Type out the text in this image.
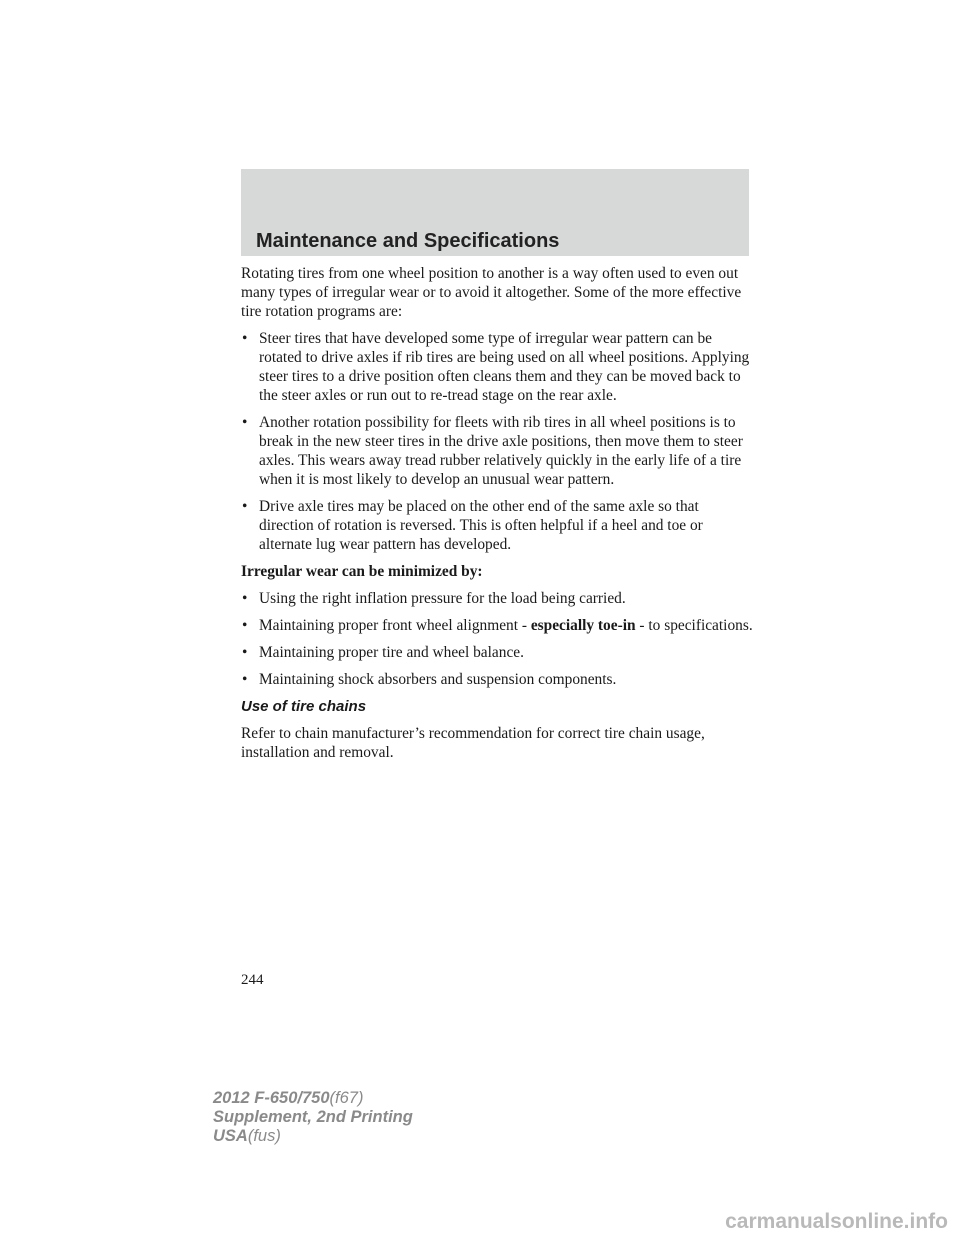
Maintenance and Specifications

Rotating tires from one wheel position to another is a way often used to even out many types of irregular wear or to avoid it altogether. Some of the more effective tire rotation programs are:

• Steer tires that have developed some type of irregular wear pattern can be rotated to drive axles if rib tires are being used on all wheel positions. Applying steer tires to a drive position often cleans them and they can be moved back to the steer axles or run out to re-tread stage on the rear axle.
• Another rotation possibility for fleets with rib tires in all wheel positions is to break in the new steer tires in the drive axle positions, then move them to steer axles. This wears away tread rubber relatively quickly in the early life of a tire when it is most likely to develop an unusual wear pattern.
• Drive axle tires may be placed on the other end of the same axle so that direction of rotation is reversed. This is often helpful if a heel and toe or alternate lug wear pattern has developed.

Irregular wear can be minimized by:

• Using the right inflation pressure for the load being carried.
• Maintaining proper front wheel alignment - especially toe-in - to specifications.
• Maintaining proper tire and wheel balance.
• Maintaining shock absorbers and suspension components.

Use of tire chains

Refer to chain manufacturer’s recommendation for correct tire chain usage, installation and removal.

244
2012 F-650/750(f67)
Supplement, 2nd Printing
USA(fus)
carmanualsonline.info
